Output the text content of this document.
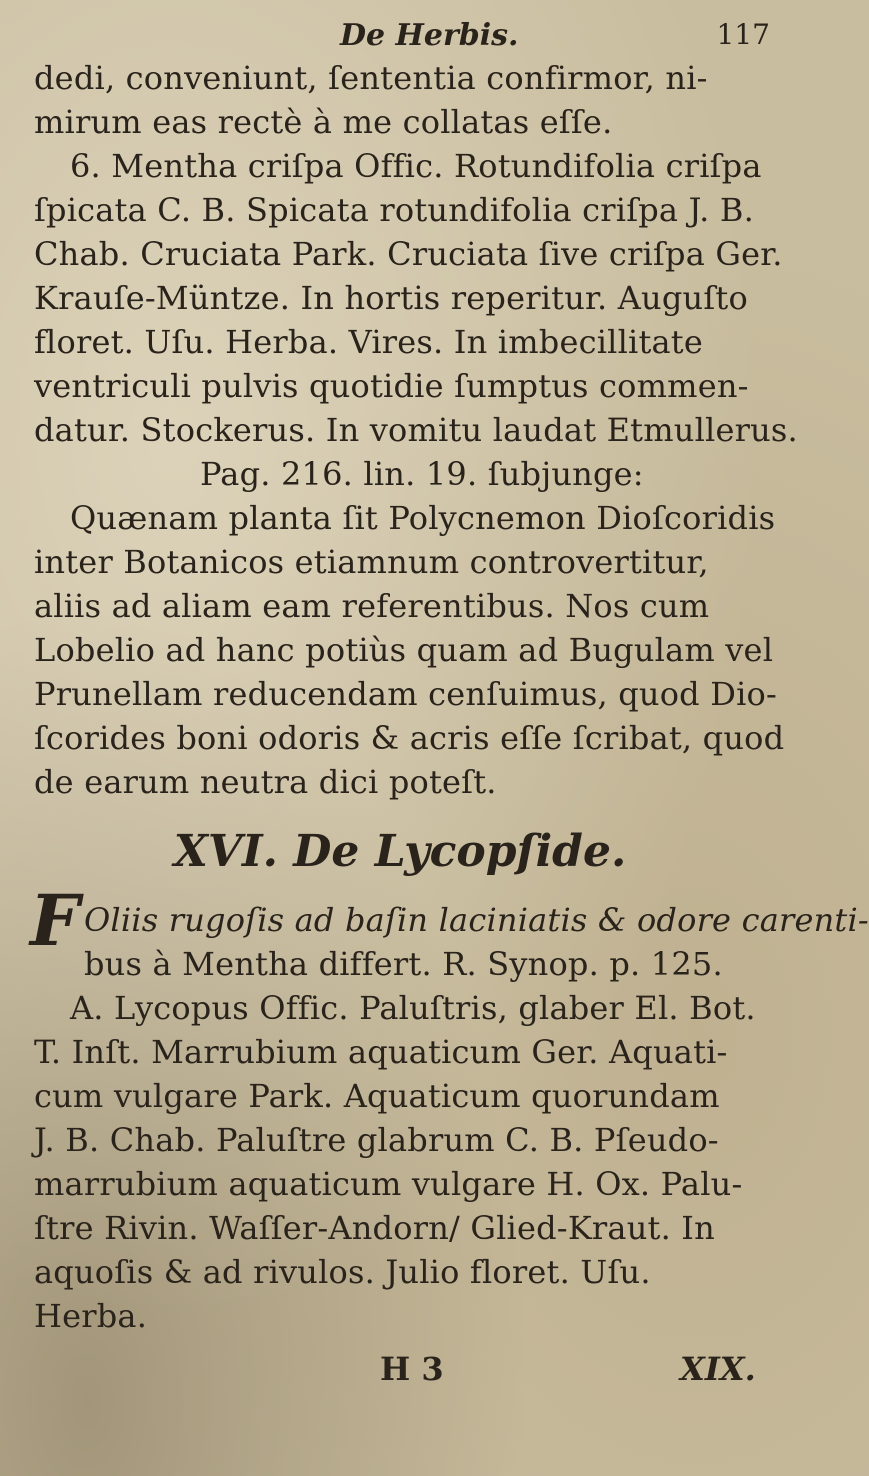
De Herbis.	117
dedi, conveniunt, ſententia confirmor, ni-
mirum eas rectè à me collatas eſſe.
6. Mentha criſpa Offic. Rotundifolia criſpa
ſpicata C. B. Spicata rotundifolia criſpa J. B.
Chab. Cruciata Park. Cruciata ſive criſpa Ger.
Krauſe-Müntze. In hortis reperitur. Auguſto
floret. Uſu. Herba. Vires. In imbecillitate
ventriculi pulvis quotidie ſumptus commen-
datur. Stockerus. In vomitu laudat Etmullerus.
Pag. 216. lin. 19. ſubjunge:
Quænam planta ſit Polycnemon Dioſcoridis
inter Botanicos etiamnum controvertitur,
aliis ad aliam eam referentibus. Nos cum
Lobelio ad hanc potiùs quam ad Bugulam vel
Prunellam reducendam cenſuimus, quod Dio-
ſcorides boni odoris & acris eſſe ſcribat, quod
de earum neutra dici poteſt.
XVI. De Lycopſide.
F Oliis rugoſis ad baſin laciniatis & odore carenti-
bus à Mentha differt. R. Synop. p. 125.
A. Lycopus Offic. Paluſtris, glaber El. Bot.
T. Inſt. Marrubium aquaticum Ger. Aquati-
cum vulgare Park. Aquaticum quorundam
J. B. Chab. Paluſtre glabrum C. B. Pſeudo-
marrubium aquaticum vulgare H. Ox. Palu-
ſtre Rivin. Waſſer-Andorn/ Glied-Kraut. In
aquoſis & ad rivulos. Julio floret. Uſu.
Herba.
H 3	XIX.
